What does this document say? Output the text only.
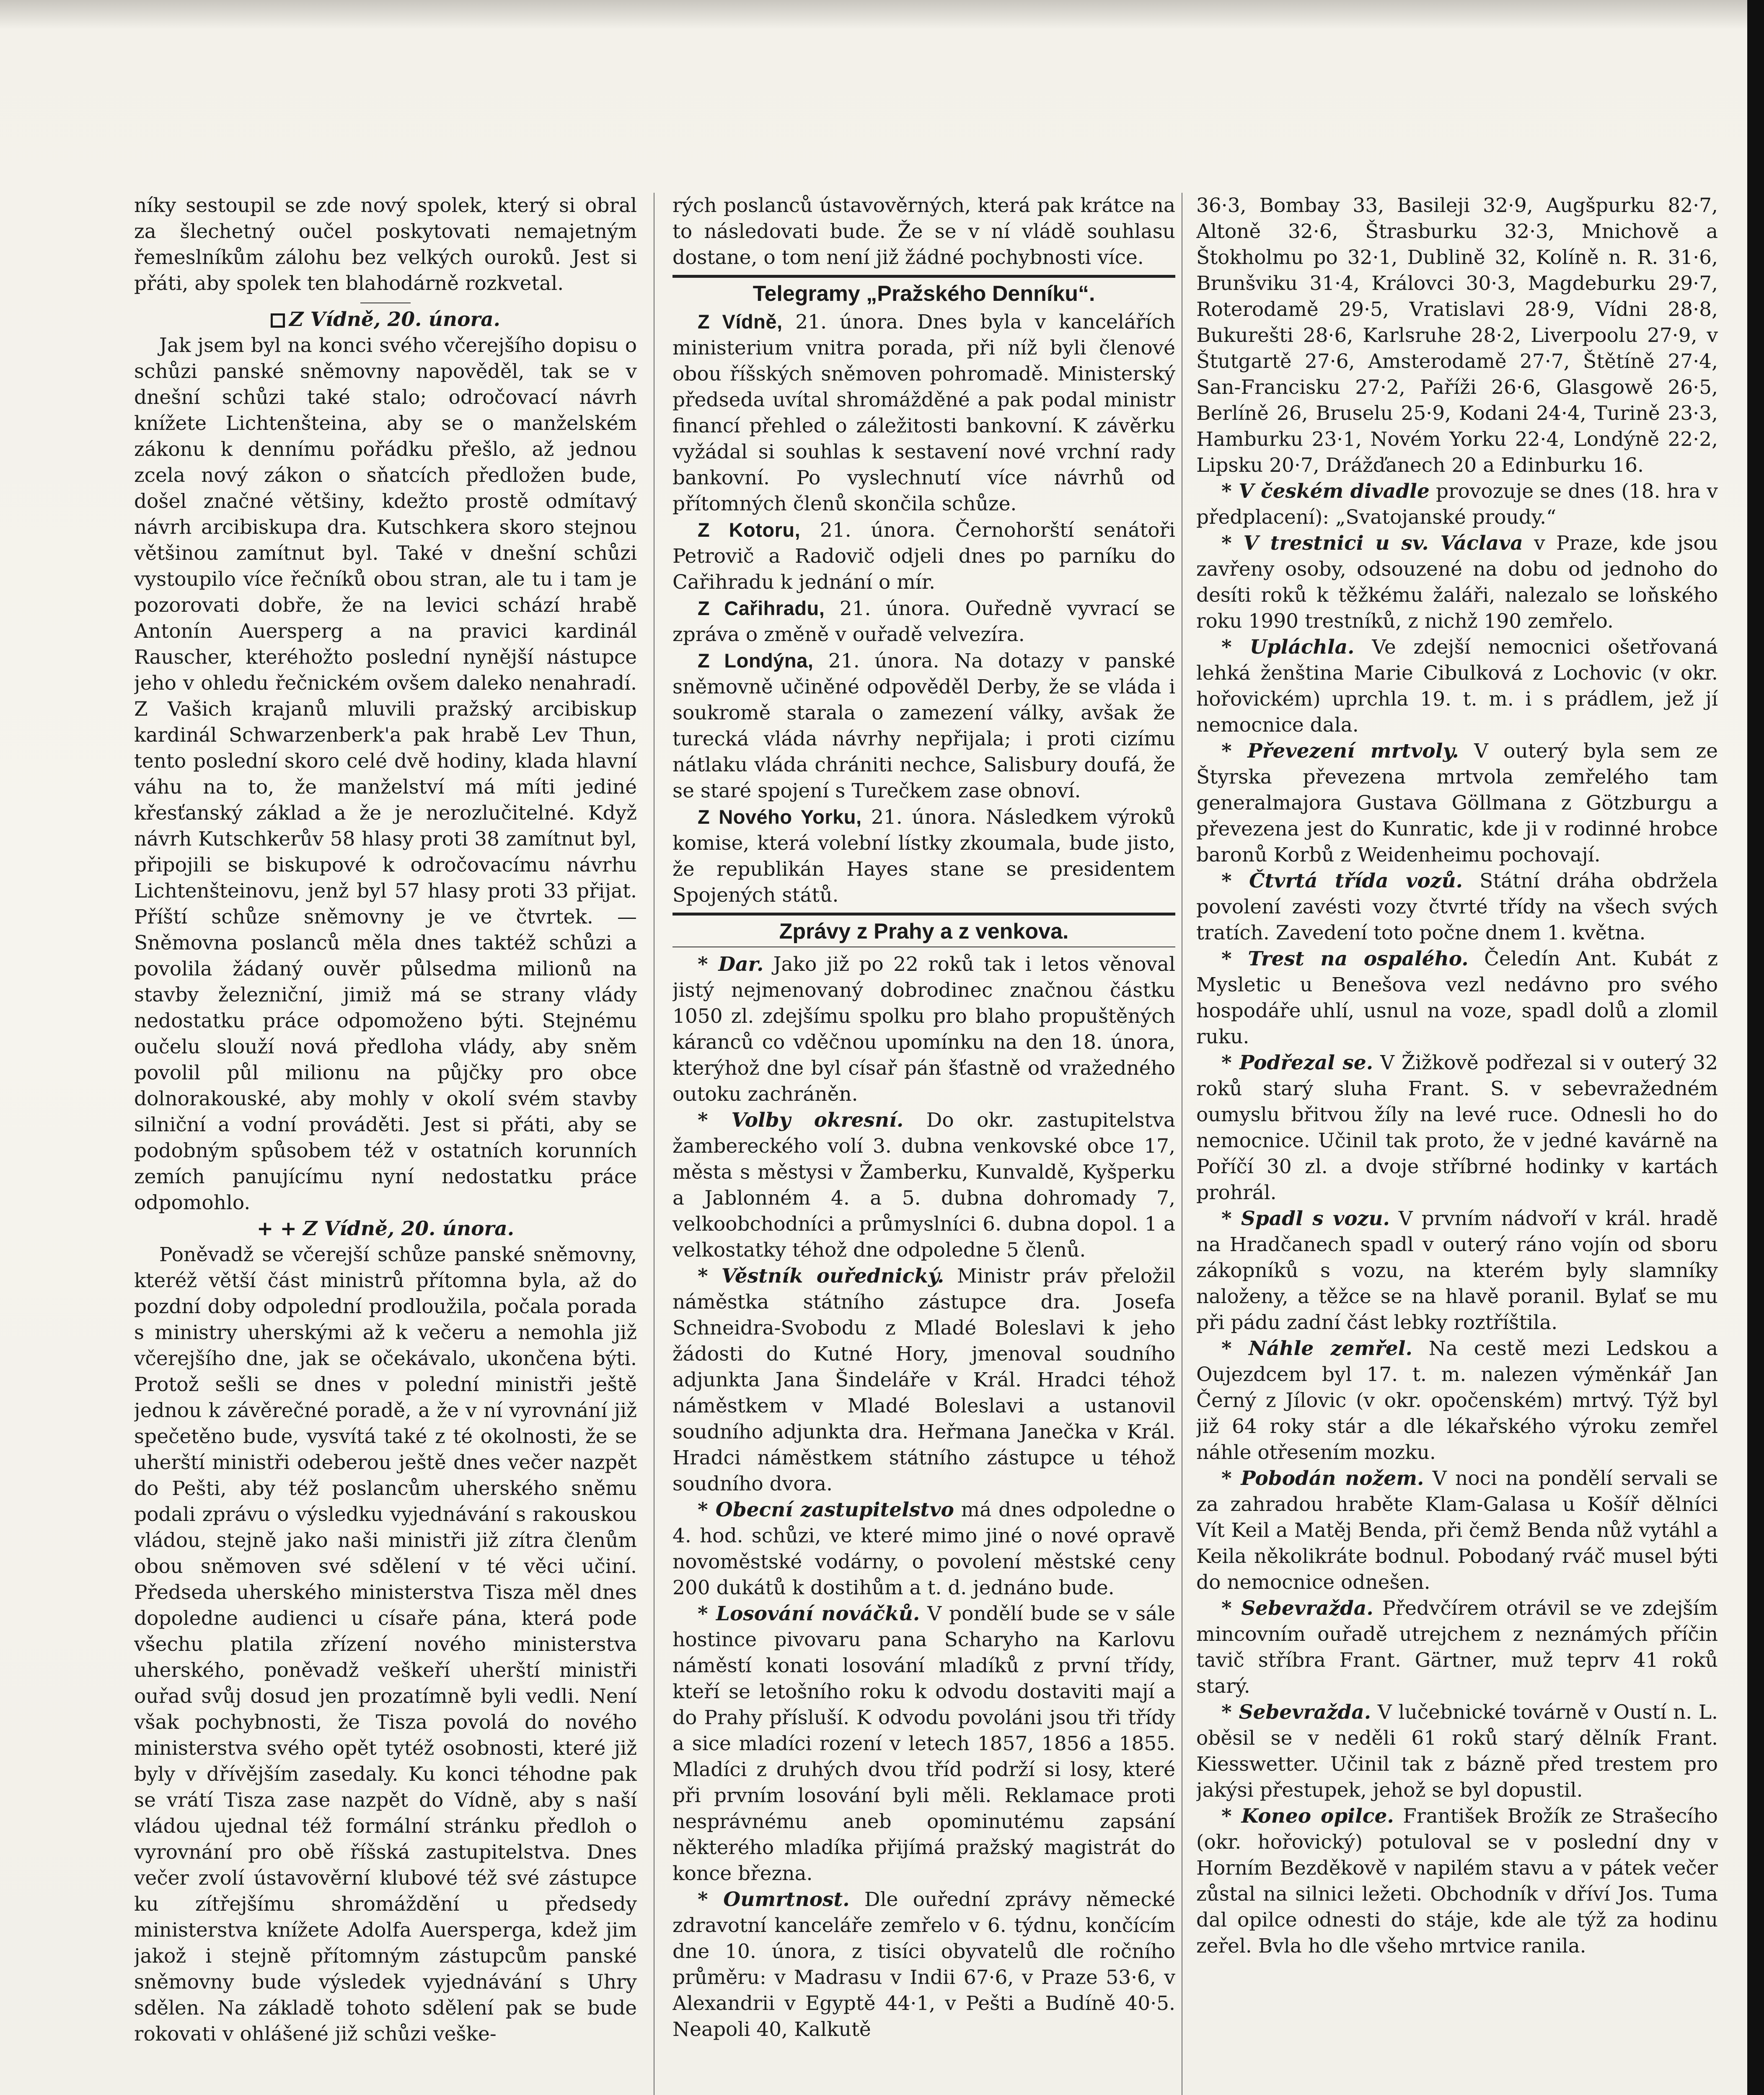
níky sestoupil se zde nový spolek, který si obral za šlechetný oučel poskytovati nemajetným řemeslníkům zálohu bez velkých ouroků. Jest si přáti, aby spolek ten blahodárně rozkvetal.

Z Vídně, 20. února.

Jak jsem byl na konci svého včerejšího dopisu o schůzi panské sněmovny napověděl, tak se v dnešní schůzi také stalo; odročovací návrh knížete Lichtenšteina, aby se o manželském zákonu k dennímu pořádku přešlo, až jednou zcela nový zákon o sňatcích předložen bude, došel značné většiny, kdežto prostě odmítavý návrh arcibiskupa dra. Kutschkera skoro stejnou většinou zamítnut byl. Také v dnešní schůzi vystoupilo více řečníků obou stran, ale tu i tam je pozorovati dobře, že na levici schází hrabě Antonín Auersperg a na pravici kardinál Rauscher, kteréhožto poslední nynější nástupce jeho v ohledu řečnickém ovšem daleko nenahradí. Z Vašich krajanů mluvili pražský arcibiskup kardinál Schwarzenberk'a pak hrabě Lev Thun, tento poslední skoro celé dvě hodiny, klada hlavní váhu na to, že manželství má míti jediné křesťanský základ a že je nerozlučitelné. Když návrh Kutschkerův 58 hlasy proti 38 zamítnut byl, připojili se biskupové k odročovacímu návrhu Lichtenšteinovu, jenž byl 57 hlasy proti 33 přijat. Příští schůze sněmovny je ve čtvrtek. — Sněmovna poslanců měla dnes taktéž schůzi a povolila žádaný ouvěr půlsedma milionů na stavby železniční, jimiž má se strany vlády nedostatku práce odpomoženo býti. Stejnému oučelu slouží nová předloha vlády, aby sněm povolil půl milionu na půjčky pro obce dolnorakouské, aby mohly v okolí svém stavby silniční a vodní prováděti. Jest si přáti, aby se podobným spůsobem též v ostatních korunních zemích panujícímu nyní nedostatku práce odpomohlo.

+ + Z Vídně, 20. února.

Poněvadž se včerejší schůze panské sněmovny, kteréž větší část ministrů přítomna byla, až do pozdní doby odpolední prodloužila, počala porada s ministry uherskými až k večeru a nemohla již včerejšího dne, jak se očekávalo, ukončena býti. Protož sešli se dnes v polední ministři ještě jednou k závěrečné poradě, a že v ní vyrovnání již spečetěno bude, vysvítá také z té okolnosti, že se uherští ministři odeberou ještě dnes večer nazpět do Pešti, aby též poslancům uherského sněmu podali zprávu o výsledku vyjednávání s rakouskou vládou, stejně jako naši ministři již zítra členům obou sněmoven své sdělení v té věci učiní. Předseda uherského ministerstva Tisza měl dnes dopoledne audienci u císaře pána, která pode všechu platila zřízení nového ministerstva uherského, poněvadž veškeří uherští ministři ouřad svůj dosud jen prozatímně byli vedli. Není však pochybnosti, že Tisza povolá do nového ministerstva svého opět tytéž osobnosti, které již byly v dřívějším zasedaly. Ku konci téhodne pak se vrátí Tisza zase nazpět do Vídně, aby s naší vládou ujednal též formální stránku předloh o vyrovnání pro obě říšská zastupitelstva. Dnes večer zvolí ústavověrní klubové též své zástupce ku zítřejšímu shromáždění u předsedy ministerstva knížete Adolfa Auersperga, kdež jim jakož i stejně přítomným zástupcům panské sněmovny bude výsledek vyjednávání s Uhry sdělen. Na základě tohoto sdělení pak se bude rokovati v ohlášené již schůzi veške-

rých poslanců ústavověrných, která pak krátce na to následovati bude. Že se v ní vládě souhlasu dostane, o tom není již žádné pochybnosti více.

Telegramy „Pražského Denníku“.

Z Vídně, 21. února. Dnes byla v kancelářích ministerium vnitra porada, při níž byli členové obou říšských sněmoven pohromadě. Ministerský předseda uvítal shromážděné a pak podal ministr financí přehled o záležitosti bankovní. K závěrku vyžádal si souhlas k sestavení nové vrchní rady bankovní. Po vyslechnutí více návrhů od přítomných členů skončila schůze.

Z Kotoru, 21. února. Černohorští senátoři Petrovič a Radovič odjeli dnes po parníku do Cařihradu k jednání o mír.

Z Cařihradu, 21. února. Ouředně vyvrací se zpráva o změně v ouřadě velvezíra.

Z Londýna, 21. února. Na dotazy v panské sněmovně učiněné odpověděl Derby, že se vláda i soukromě starala o zamezení války, avšak že turecká vláda návrhy nepřijala; i proti cizímu nátlaku vláda chrániti nechce, Salisbury doufá, že se staré spojení s Turečkem zase obnoví.

Z Nového Yorku, 21. února. Následkem výroků komise, která volební lístky zkoumala, bude jisto, že republikán Hayes stane se presidentem Spojených států.

Zprávy z Prahy a z venkova.

* Dar. Jako již po 22 roků tak i letos věnoval jistý nejmenovaný dobrodinec značnou částku 1050 zl. zdejšímu spolku pro blaho propuštěných káranců co vděčnou upomínku na den 18. února, kterýhož dne byl císař pán šťastně od vražedného outoku zachráněn.

* Volby okresní. Do okr. zastupitelstva žambereckého volí 3. dubna venkovské obce 17, města s městysi v Žamberku, Kunvaldě, Kyšperku a Jablonném 4. a 5. dubna dohromady 7, velkoobchodníci a průmyslníci 6. dubna dopol. 1 a velkostatky téhož dne odpoledne 5 členů.

* Věstník ouřednický. Ministr práv přeložil náměstka státního zástupce dra. Josefa Schneidra-Svobodu z Mladé Boleslavi k jeho žádosti do Kutné Hory, jmenoval soudního adjunkta Jana Šindeláře v Král. Hradci téhož náměstkem v Mladé Boleslavi a ustanovil soudního adjunkta dra. Heřmana Janečka v Král. Hradci náměstkem státního zástupce u téhož soudního dvora.

* Obecní zastupitelstvo má dnes odpoledne o 4. hod. schůzi, ve které mimo jiné o nové opravě novoměstské vodárny, o povolení městské ceny 200 dukátů k dostihům a t. d. jednáno bude.

* Losování nováčků. V pondělí bude se v sále hostince pivovaru pana Scharyho na Karlovu náměstí konati losování mladíků z první třídy, kteří se letošního roku k odvodu dostaviti mají a do Prahy přísluší. K odvodu povoláni jsou tři třídy a sice mladíci rození v letech 1857, 1856 a 1855. Mladíci z druhých dvou tříd podrží si losy, které při prvním losování byli měli. Reklamace proti nesprávnému aneb opominutému zapsání některého mladíka přijímá pražský magistrát do konce března.

* Oumrtnost. Dle ouřední zprávy německé zdravotní kanceláře zemřelo v 6. týdnu, končícím dne 10. února, z tisíci obyvatelů dle ročního průměru: v Madrasu v Indii 67·6, v Praze 53·6, v Alexandrii v Egyptě 44·1, v Pešti a Budíně 40·5. Neapoli 40, Kalkutě

36·3, Bombay 33, Basileji 32·9, Augšpurku 82·7, Altoně 32·6, Štrasburku 32·3, Mnichově a Štokholmu po 32·1, Dublině 32, Kolíně n. R. 31·6, Brunšviku 31·4, Královci 30·3, Magdeburku 29·7, Roterodamě 29·5, Vratislavi 28·9, Vídni 28·8, Bukurešti 28·6, Karlsruhe 28·2, Liverpoolu 27·9, v Štutgartě 27·6, Amsterodamě 27·7, Štětíně 27·4, San-Francisku 27·2, Paříži 26·6, Glasgowě 26·5, Berlíně 26, Bruselu 25·9, Kodani 24·4, Turině 23·3, Hamburku 23·1, Novém Yorku 22·4, Londýně 22·2, Lipsku 20·7, Drážďanech 20 a Edinburku 16.

* V českém divadle provozuje se dnes (18. hra v předplacení): „Svatojanské proudy.“

* V trestnici u sv. Václava v Praze, kde jsou zavřeny osoby, odsouzené na dobu od jednoho do desíti roků k těžkému žaláři, nalezalo se loňského roku 1990 trestníků, z nichž 190 zemřelo.

* Upláchla. Ve zdejší nemocnici ošetřovaná lehká ženština Marie Cibulková z Lochovic (v okr. hořovickém) uprchla 19. t. m. i s prádlem, jež jí nemocnice dala.

* Převezení mrtvoly. V outerý byla sem ze Štyrska převezena mrtvola zemřelého tam generalmajora Gustava Göllmana z Götzburgu a převezena jest do Kunratic, kde ji v rodinné hrobce baronů Korbů z Weidenheimu pochovají.

* Čtvrtá třída vozů. Státní dráha obdržela povolení zavésti vozy čtvrté třídy na všech svých tratích. Zavedení toto počne dnem 1. května.

* Trest na ospalého. Čeledín Ant. Kubát z Mysletic u Benešova vezl nedávno pro svého hospodáře uhlí, usnul na voze, spadl dolů a zlomil ruku.

* Podřezal se. V Žižkově podřezal si v outerý 32 roků starý sluha Frant. S. v sebevražedném oumyslu břitvou žíly na levé ruce. Odnesli ho do nemocnice. Učinil tak proto, že v jedné kavárně na Poříčí 30 zl. a dvoje stříbrné hodinky v kartách prohrál.

* Spadl s vozu. V prvním nádvoří v král. hradě na Hradčanech spadl v outerý ráno vojín od sboru zákopníků s vozu, na kterém byly slamníky naloženy, a těžce se na hlavě poranil. Bylať se mu při pádu zadní část lebky roztříštila.

* Náhle zemřel. Na cestě mezi Ledskou a Oujezdcem byl 17. t. m. nalezen výměnkář Jan Černý z Jílovic (v okr. opočenském) mrtvý. Týž byl již 64 roky stár a dle lékařského výroku zemřel náhle otřesením mozku.

* Pobodán nožem. V noci na pondělí servali se za zahradou hraběte Klam-Galasa u Košíř dělníci Vít Keil a Matěj Benda, při čemž Benda nůž vytáhl a Keila několikráte bodnul. Pobodaný rváč musel býti do nemocnice odnešen.

* Sebevražda. Předvčírem otrávil se ve zdejším mincovním ouřadě utrejchem z neznámých příčin tavič stříbra Frant. Gärtner, muž teprv 41 roků starý.

* Sebevražda. V lučebnické továrně v Oustí n. L. oběsil se v neděli 61 roků starý dělník Frant. Kiesswetter. Učinil tak z bázně před trestem pro jakýsi přestupek, jehož se byl dopustil.

* Koneo opilce. František Brožík ze Strašecího (okr. hořovický) potuloval se v poslední dny v Horním Bezděkově v napilém stavu a v pátek večer zůstal na silnici ležeti. Obchodník v dříví Jos. Tuma dal opilce odnesti do stáje, kde ale týž za hodinu zeřel. Bvla ho dle všeho mrtvice ranila.
